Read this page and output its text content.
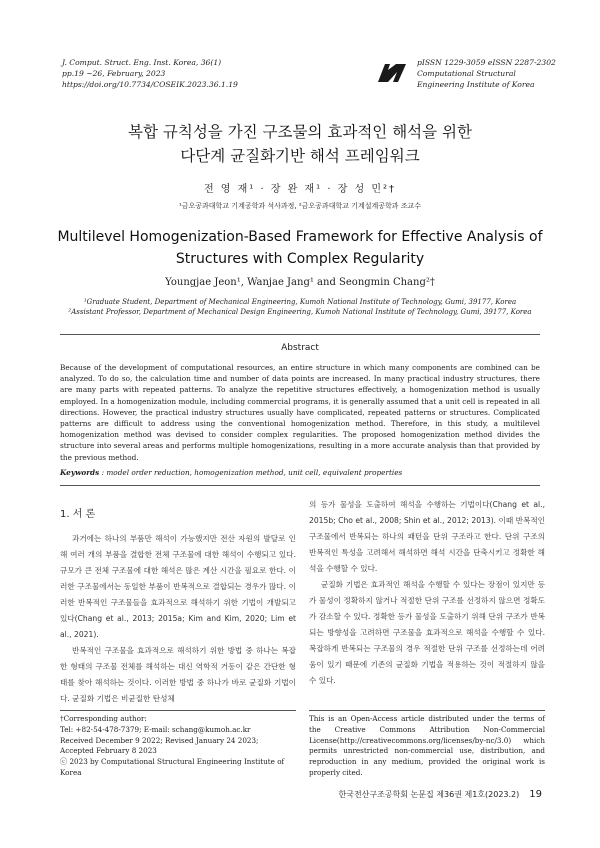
J. Comput. Struct. Eng. Inst. Korea, 36(1)
pp.19 ~26, February, 2023
https://doi.org/10.7734/COSEIK.2023.36.1.19
pISSN 1229-3059 eISSN 2287-2302
Computational Structural
Engineering Institute of Korea
복합 규칙성을 가진 구조물의 효과적인 해석을 위한
다단계 균질화기반 해석 프레임워크
전 영 재¹ · 장 완 재¹ · 장 성 민²†
¹금오공과대학교 기계공학과 석사과정, ²금오공과대학교 기계설계공학과 조교수
Multilevel Homogenization-Based Framework for Effective Analysis of
Structures with Complex Regularity
Youngjae Jeon¹, Wanjae Jang¹ and Seongmin Chang²†
¹Graduate Student, Department of Mechanical Engineering, Kumoh National Institute of Technology, Gumi, 39177, Korea
²Assistant Professor, Department of Mechanical Design Engineering, Kumoh National Institute of Technology, Gumi, 39177, Korea
Abstract
Because of the development of computational resources, an entire structure in which many components are combined can be analyzed. To do so, the calculation time and number of data points are increased. In many practical industry structures, there are many parts with repeated patterns. To analyze the repetitive structures effectively, a homogenization method is usually employed. In a homogenization module, including commercial programs, it is generally assumed that a unit cell is repeated in all directions. However, the practical industry structures usually have complicated, repeated patterns or structures. Complicated patterns are difficult to address using the conventional homogenization method. Therefore, in this study, a multilevel homogenization method was devised to consider complex regularities. The proposed homogenization method divides the structure into several areas and performs multiple homogenizations, resulting in a more accurate analysis than that provided by the previous method.
Keywords : model order reduction, homogenization method, unit cell, equivalent properties
1. 서 론

과거에는 하나의 부품만 해석이 가능했지만 전산 자원의 발달로 인해 여러 개의 부품을 결합한 전체 구조물에 대한 해석이 수행되고 있다. 규모가 큰 전체 구조물에 대한 해석은 많은 계산 시간을 필요로 한다. 이러한 구조물에서는 동일한 부품이 반복적으로 결합되는 경우가 많다. 이러한 반복적인 구조물들을 효과적으로 해석하기 위한 기법이 개발되고 있다(Chang et al., 2013; 2015a; Kim and Kim, 2020; Lim et al., 2021).

반복적인 구조물을 효과적으로 해석하기 위한 방법 중 하나는 복잡한 형태의 구조물 전체를 해석하는 대신 역학적 거동이 같은 간단한 형태를 찾아 해석하는 것이다. 이러한 방법 중 하나가 바로 균질화 기법이다. 균질화 기법은 비균질한 탄성체

의 등가 물성을 도출하여 해석을 수행하는 기법이다(Chang et al., 2015b; Cho et al., 2008; Shin et al., 2012; 2013). 이때 반복적인 구조물에서 반복되는 하나의 패턴을 단위 구조라고 한다. 단위 구조의 반복적인 특성을 고려해서 해석하면 해석 시간을 단축시키고 정확한 해석을 수행할 수 있다.

균질화 기법은 효과적인 해석을 수행할 수 있다는 장점이 있지만 등가 물성이 정확하지 않거나 적절한 단위 구조를 선정하지 않으면 정확도가 감소할 수 있다. 정확한 등가 물성을 도출하기 위해 단위 구조가 반복되는 방향성을 고려하면 구조물을 효과적으로 해석을 수행할 수 있다. 복잡하게 반복되는 구조물의 경우 적절한 단위 구조를 선정하는데 어려움이 있기 때문에 기존의 균질화 기법을 적용하는 것이 적절하지 않을 수 있다.

†Corresponding author:
Tel: +82-54-478-7379; E-mail: schang@kumoh.ac.kr
Received December 9 2022; Revised January 24 2023;
Accepted February 8 2023
ⓒ 2023 by Computational Structural Engineering Institute of Korea
This is an Open-Access article distributed under the terms of the Creative Commons Attribution Non-Commercial License(http://creativecommons.org/licenses/by-nc/3.0) which permits unrestricted non-commercial use, distribution, and reproduction in any medium, provided the original work is properly cited.
한국전산구조공학회 논문집 제36권 제1호(2023.2) 19
